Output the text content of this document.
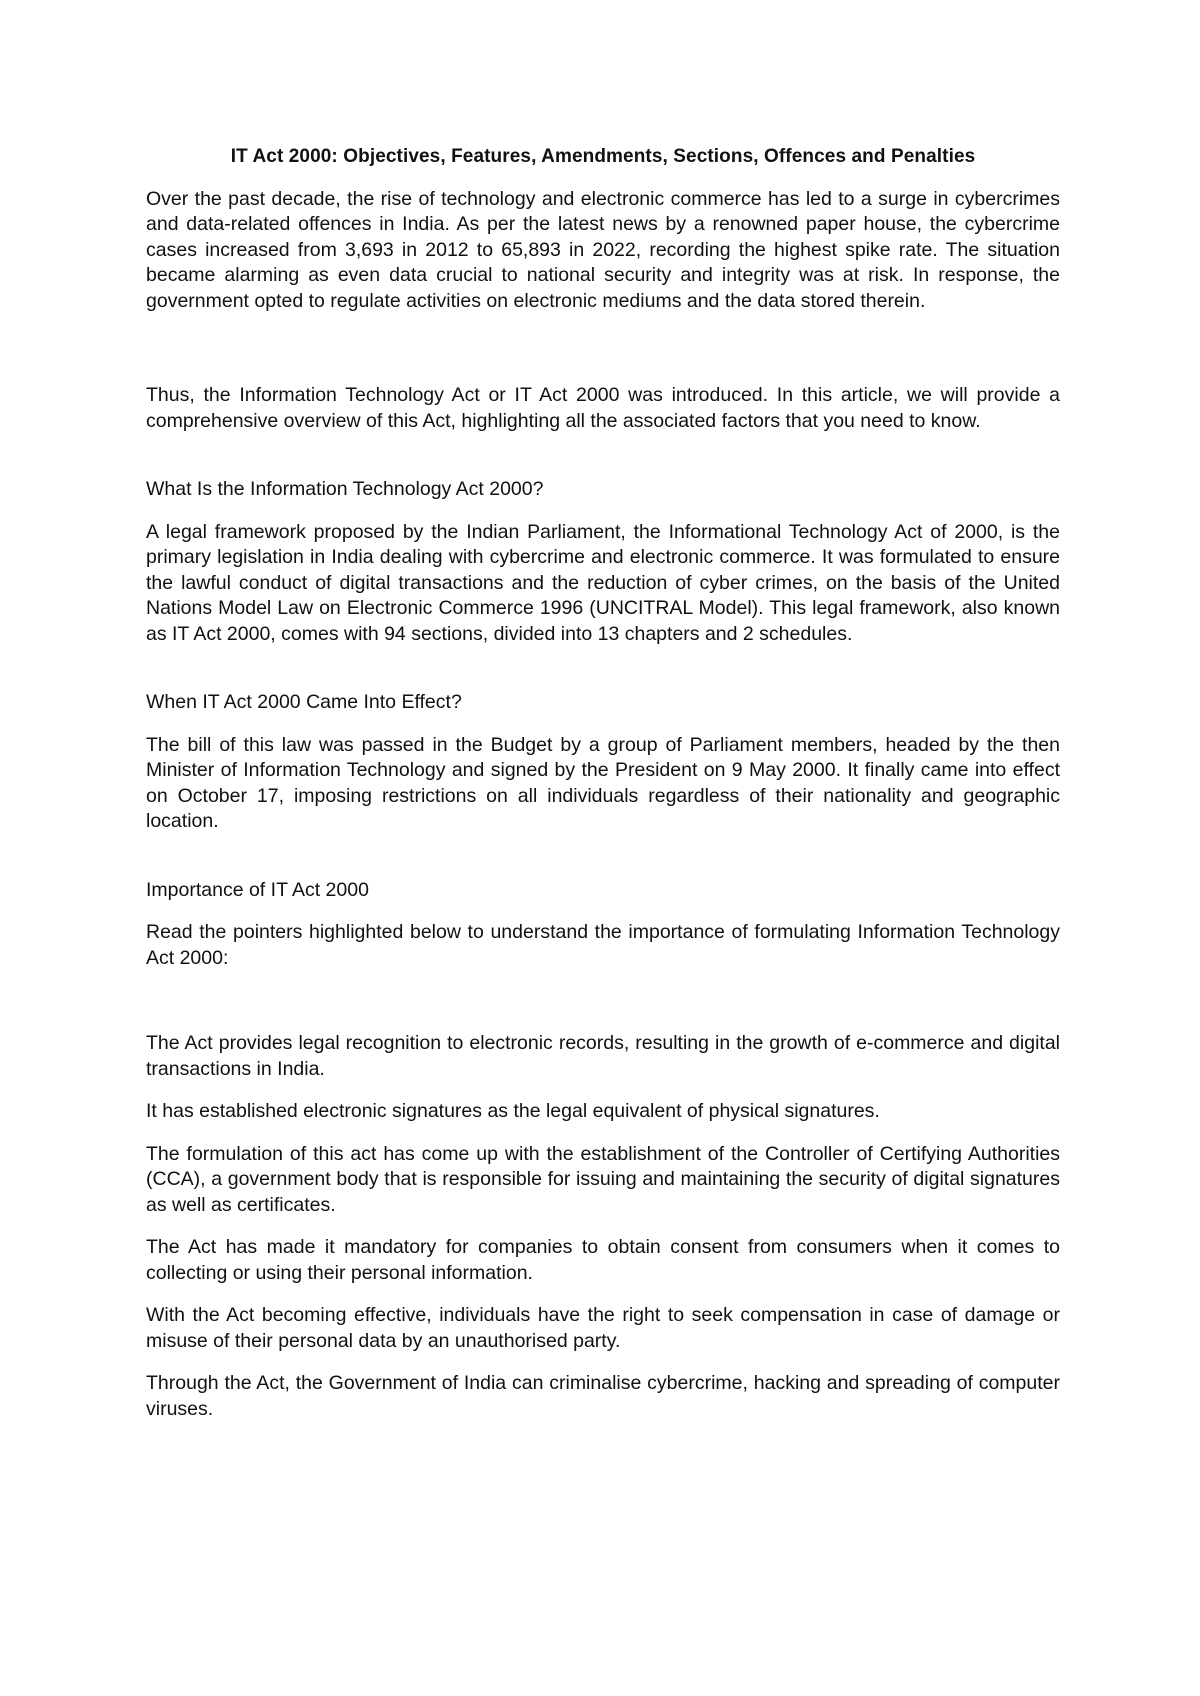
IT Act 2000: Objectives, Features, Amendments, Sections, Offences and Penalties

Over the past decade, the rise of technology and electronic commerce has led to a surge in cybercrimes and data-related offences in India. As per the latest news by a renowned paper house, the cybercrime cases increased from 3,693 in 2012 to 65,893 in 2022, recording the highest spike rate. The situation became alarming as even data crucial to national security and integrity was at risk. In response, the government opted to regulate activities on electronic mediums and the data stored therein.

Thus, the Information Technology Act or IT Act 2000 was introduced. In this article, we will provide a comprehensive overview of this Act, highlighting all the associated factors that you need to know.

What Is the Information Technology Act 2000?

A legal framework proposed by the Indian Parliament, the Informational Technology Act of 2000, is the primary legislation in India dealing with cybercrime and electronic commerce. It was formulated to ensure the lawful conduct of digital transactions and the reduction of cyber crimes, on the basis of the United Nations Model Law on Electronic Commerce 1996 (UNCITRAL Model). This legal framework, also known as IT Act 2000, comes with 94 sections, divided into 13 chapters and 2 schedules.

When IT Act 2000 Came Into Effect?

The bill of this law was passed in the Budget by a group of Parliament members, headed by the then Minister of Information Technology and signed by the President on 9 May 2000. It finally came into effect on October 17, imposing restrictions on all individuals regardless of their nationality and geographic location.

Importance of IT Act 2000

Read the pointers highlighted below to understand the importance of formulating Information Technology Act 2000:

The Act provides legal recognition to electronic records, resulting in the growth of e-commerce and digital transactions in India.

It has established electronic signatures as the legal equivalent of physical signatures.

The formulation of this act has come up with the establishment of the Controller of Certifying Authorities (CCA), a government body that is responsible for issuing and maintaining the security of digital signatures as well as certificates.

The Act has made it mandatory for companies to obtain consent from consumers when it comes to collecting or using their personal information.

With the Act becoming effective, individuals have the right to seek compensation in case of damage or misuse of their personal data by an unauthorised party.

Through the Act, the Government of India can criminalise cybercrime, hacking and spreading of computer viruses.
